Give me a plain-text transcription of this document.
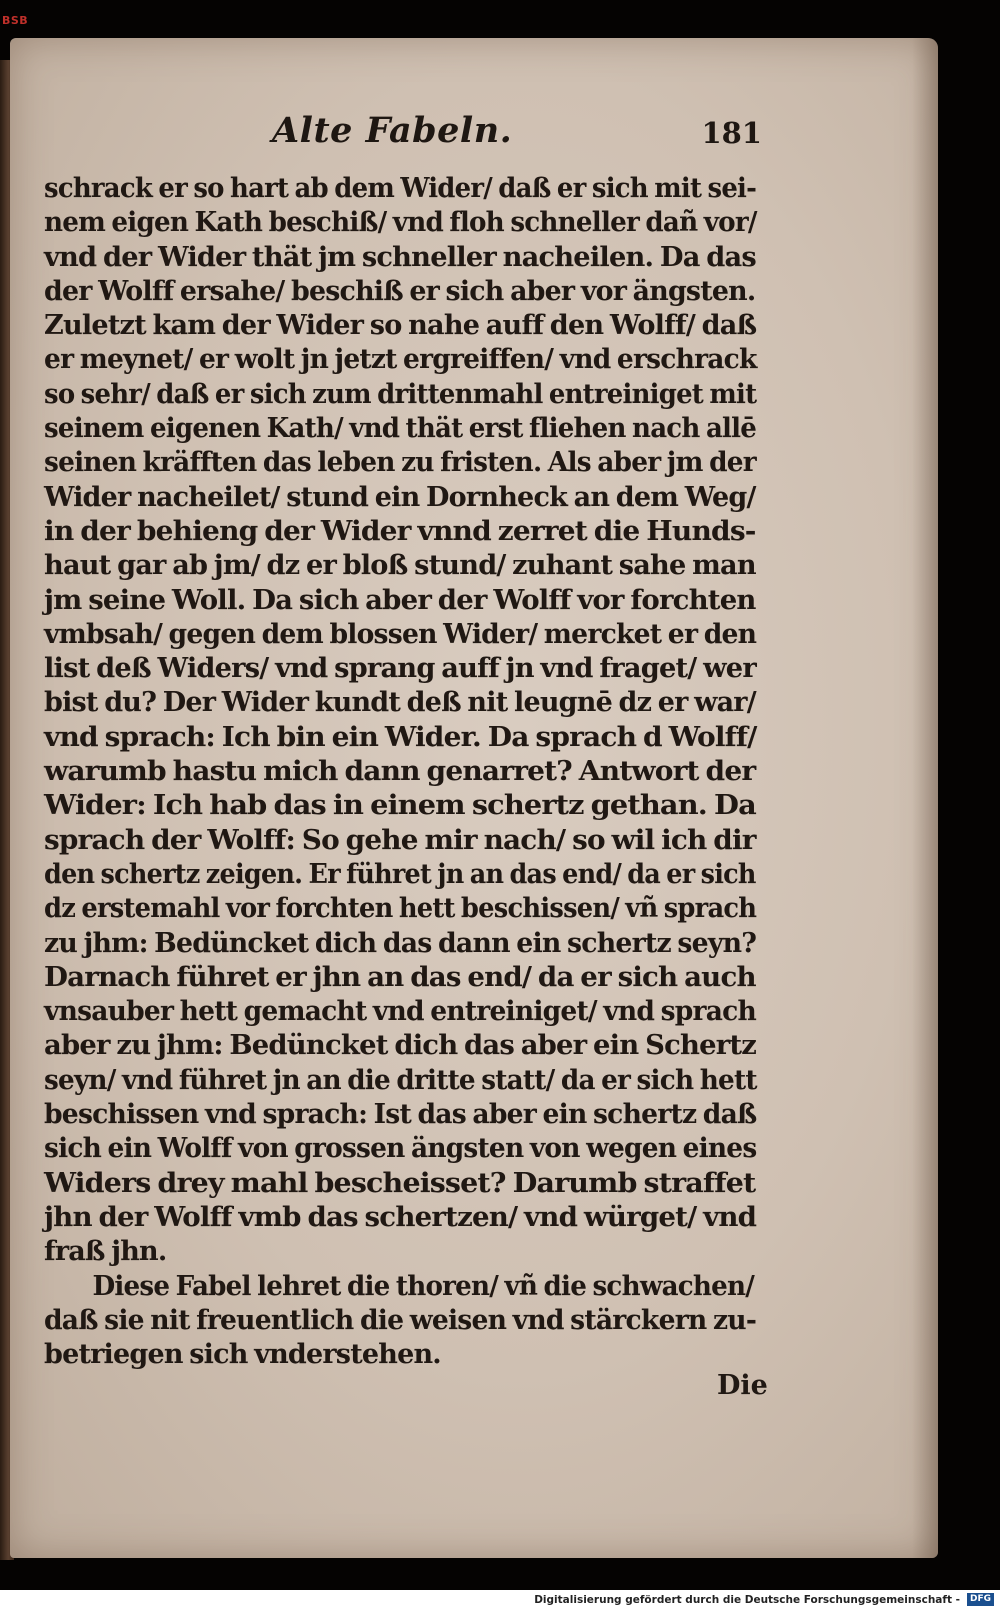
BSB
Alte Fabeln.	181
schrack er so hart ab dem Wider/ daß er sich mit sei-
nem eigen Kath beschiß/ vnd floh schneller dañ vor/
vnd der Wider thät jm schneller nacheilen. Da das
der Wolff ersahe/ beschiß er sich aber vor ängsten.
Zuletzt kam der Wider so nahe auff den Wolff/ daß
er meynet/ er wolt jn jetzt ergreiffen/ vnd erschrack
so sehr/ daß er sich zum drittenmahl entreiniget mit
seinem eigenen Kath/ vnd thät erst fliehen nach allē
seinen kräfften das leben zu fristen. Als aber jm der
Wider nacheilet/ stund ein Dornheck an dem Weg/
in der behieng der Wider vnnd zerret die Hunds-
haut gar ab jm/ dz er bloß stund/ zuhant sahe man
jm seine Woll. Da sich aber der Wolff vor forchten
vmbsah/ gegen dem blossen Wider/ mercket er den
list deß Widers/ vnd sprang auff jn vnd fraget/ wer
bist du? Der Wider kundt deß nit leugnē dz er war/
vnd sprach: Ich bin ein Wider. Da sprach d Wolff/
warumb hastu mich dann genarret? Antwort der
Wider: Ich hab das in einem schertz gethan. Da
sprach der Wolff: So gehe mir nach/ so wil ich dir
den schertz zeigen. Er führet jn an das end/ da er sich
dz erstemahl vor forchten hett beschissen/ vñ sprach
zu jhm: Bedüncket dich das dann ein schertz seyn?
Darnach führet er jhn an das end/ da er sich auch
vnsauber hett gemacht vnd entreiniget/ vnd sprach
aber zu jhm: Bedüncket dich das aber ein Schertz
seyn/ vnd führet jn an die dritte statt/ da er sich hett
beschissen vnd sprach: Ist das aber ein schertz daß
sich ein Wolff von grossen ängsten von wegen eines
Widers drey mahl bescheisset? Darumb straffet
jhn der Wolff vmb das schertzen/ vnd würget/ vnd
fraß jhn.
Diese Fabel lehret die thoren/ vñ die schwachen/
daß sie nit freuentlich die weisen vnd stärckern zu-
betriegen sich vnderstehen.
Die
Digitalisierung gefördert durch die Deutsche Forschungsgemeinschaft -	DFG
